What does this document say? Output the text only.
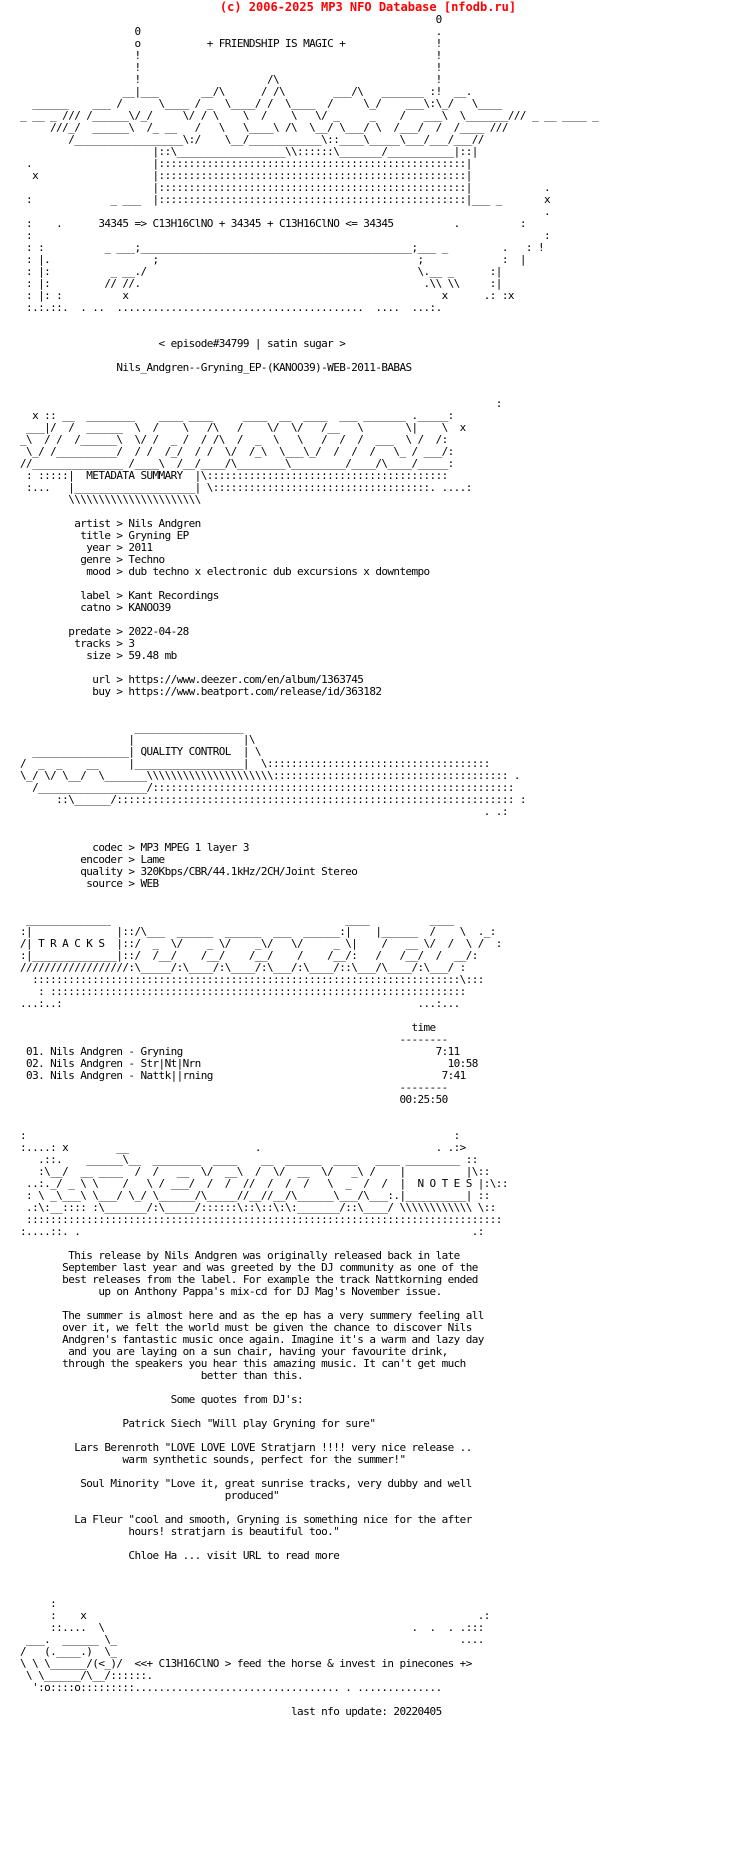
(c) 2006-2025 MP3 NFO Database [nfodb.ru]
0
0                                                 .
o           + FRIENDSHIP IS MAGIC +               !
!                                                 !
!                                                 !
!                     /\                          !
__|___       __/\      / /\        ___/\   _______ :!  __.
______    ___ /      \____ / _  \____/ /  \____  /     \_/    ___\:\_/   \____
_ __ _ /// /______\/_/     \/ / \    \  /    \   \/ _     _    /   ___\  \_______/// _ __ ____ _
///_/  ______\  /_ __   /   \   \____\ /\  \__/ \___/ \  /___/  /  /____ ///
/__________________\:/    \__/____________\::____\_____\___/___/___//
|::\__________________\\::::::\_______/___________|::|
.                    |:::::::::::::::::::::::::::::::::::::::::::::::::::|
x                   |:::::::::::::::::::::::::::::::::::::::::::::::::::|
|:::::::::::::::::::::::::::::::::::::::::::::::::::|            .
:             _ ___  |:::::::::::::::::::::::::::::::::::::::::::::::::::|___ _       x
.
:    .      34345 => C13H16ClNO + 34345 + C13H16ClNO <= 34345          .          :
:                                                                                     :
: :          _ ___;_____________________________________________;___ _         .   : !
: |.                 ;                                           ;             :  |
: |:          _ __./                                             \.__ _      :|
: |:         // //.                                               .\\ \\     :|
: |: :          x                                                    x      .: :x
:.:.::.  . ..  .........................................  ....  ...:.

< episode#34799 | satin sugar >

Nils_Andgren--Gryning_EP-(KANOO39)-WEB-2011-BABAS

:
x :: __  ________    ____ ____     ____  __  ____  ___ _______ ._____:
___|/  /  ______  \  /    \   /\   /    \/  \/   /__   \       \|    \  x
_\  / /  /______\  \/ /  _ /  / /\  /  _  \   \   /  /  /  ___  \ /  /:
\_/ /__________/  / /  /_/  / /  \/  /_\  \___\_/  /  /  /   \_ / ___/:
//_______________ /____\  /__/____/\________\_________/____/\____/_____:
: :::::|  METADATA SUMMARY  |\::::::::::::::::::::::::::::::::::::::::
:...   |____________________| \::::::::::::::::::::::::::::::::::::. ....:
\\\\\\\\\\\\\\\\\\\\\\

artist > Nils Andgren
title > Gryning EP
year > 2011
genre > Techno
mood > dub techno x electronic dub excursions x downtempo

label > Kant Recordings
catno > KANOO39

predate > 2022-04-28
tracks > 3
size > 59.48 mb

url > https://www.deezer.com/en/album/1363745
buy > https://www.beatport.com/release/id/363182

__________________
|                  |\
________________| QUALITY CONTROL  | \
/  _  _    __     |__________________|  \:::::::::::::::::::::::::::::::::::::
\_/ \/ \__/  \_______\\\\\\\\\\\\\\\\\\\\\::::::::::::::::::::::::::::::::::::::: .
/__________________/::::::::::::::::::::::::::::::::::::::::::::::::::::::::::::
::\______/:::::::::::::::::::::::::::::::::::::::::::::::::::::::::::::::::: :
. .:

codec > MP3 MPEG 1 layer 3
encoder > Lame
quality > 320Kbps/CBR/44.1kHz/2CH/Joint Stereo
source > WEB

______________                                       ____          ____
:|              |::/\___  ______  ______  ___  ______:|    |______  /    \  ._:
/| T R A C K S  |::/  _  \/    _ \/    _\/   \/     _ \|    /   __ \/  /  \ /  :
:|______________|::/  /__/    /__/    /__/    /    /__/:   /   /__/  /  __/:
//////////////////:\_____/:\____/:\____/:\___/:\____/::\___/\____/:\___/ :
:::::::::::::::::::::::::::::::::::::::::::::::::::::::::::::::::::::::\:::
: :::::::::::::::::::::::::::::::::::::::::::::::::::::::::::::::::::::
...:..:                                                           ...:...

time
--------
01. Nils Andgren - Gryning                                          7:11
02. Nils Andgren - Str|Nt|Nrn                                         10:58
03. Nils Andgren - Nattk||rning                                      7:41
--------
00:25:50

:                                                                       :
:....: x        __                     .                             . .:>
.::.    ______\__  ________  ____    __  ______  ____   ____ _________ ::
:\__/  __ ____  /  /   __  \/  __\  /  \/  __  \/   _\ /    |          |\::
..:._/ _ \ \    /   \ / ___/  /  /  //  /  /  /   \  _  /  /  |  N O T E S |:\::
: \ _\___\ \___/ \_/ \______/\_____//__//__/\______\___/\___:.|__________| ::
.:\:__:::: :\_______/:\_____/::::::\::\::\:\:_______/::\____/ \\\\\\\\\\\\ \::
:::::::::::::::::::::::::::::::::::::::::::::::::::::::::::::::::::::::::::::::
:....::. .                                                                 .:

This release by Nils Andgren was originally released back in late
September last year and was greeted by the DJ community as one of the
best releases from the label. For example the track Nattkorning ended
up on Anthony Pappa's mix-cd for DJ Mag's November issue.

The summer is almost here and as the ep has a very summery feeling all
over it, we felt the world must be given the chance to discover Nils
Andgren's fantastic music once again. Imagine it's a warm and lazy day
and you are laying on a sun chair, having your favourite drink,
through the speakers you hear this amazing music. It can't get much
better than this.

Some quotes from DJ's:

Patrick Siech "Will play Gryning for sure"

Lars Berenroth "LOVE LOVE LOVE Stratjarn !!!! very nice release ..
warm synthetic sounds, perfect for the summer!"

Soul Minority "Love it, great sunrise tracks, very dubby and well
produced"

La Fleur "cool and smooth, Gryning is something nice for the after
hours! stratjarn is beautiful too."

Chloe Ha ... visit URL to read more

:
:    x                                                                 .:
::....  \                                                   .  .  . .:::
___.  ______ \_                                                         ....
/   (.____.)  \_
\ \ \______/(<_)/  <<+ C13H16ClNO > feed the horse & invest in pinecones +>
\ \______/\__/::::::.
':o::::o:::::::::.................................. . ..............

last nfo update: 20220405
